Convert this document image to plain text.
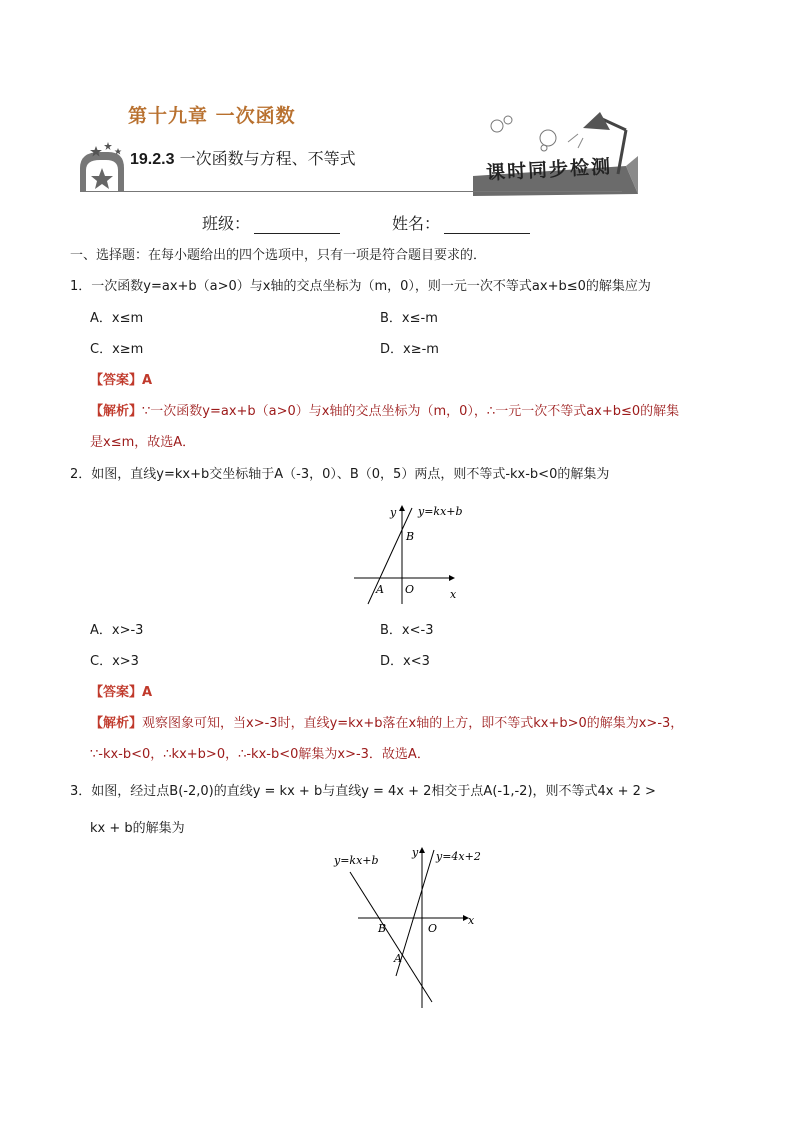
第十九章 一次函数
19.2.3 一次函数与方程、不等式	课时同步检测
班级：	姓名：
一、选择题：在每小题给出的四个选项中，只有一项是符合题目要求的．
1．一次函数y=ax+b（a>0）与x轴的交点坐标为（m，0），则一元一次不等式ax+b≤0的解集应为
A．x≤m	B．x≤-m
C．x≥m	D．x≥-m
【答案】A
【解析】∵一次函数y=ax+b（a>0）与x轴的交点坐标为（m，0），∴一元一次不等式ax+b≤0的解集
是x≤m，故选A．
2．如图，直线y=kx+b交坐标轴于A（-3，0）、B（0，5）两点，则不等式-kx-b<0的解集为
y
x
y=kx+b
B
A O
A．x>-3	B．x<-3
C．x>3	D．x<3
【答案】A
【解析】观察图象可知，当x>-3时，直线y=kx+b落在x轴的上方，即不等式kx+b>0的解集为x>-3，
∵-kx-b<0，∴kx+b>0，∴-kx-b<0解集为x>-3．故选A．
3．如图，经过点B(-2,0)的直线y = kx + b与直线y = 4x + 2相交于点A(-1,-2)，则不等式4x + 2 >
kx + b的解集为
y=kx+b	y=4x+2
y
x
B
A
O
